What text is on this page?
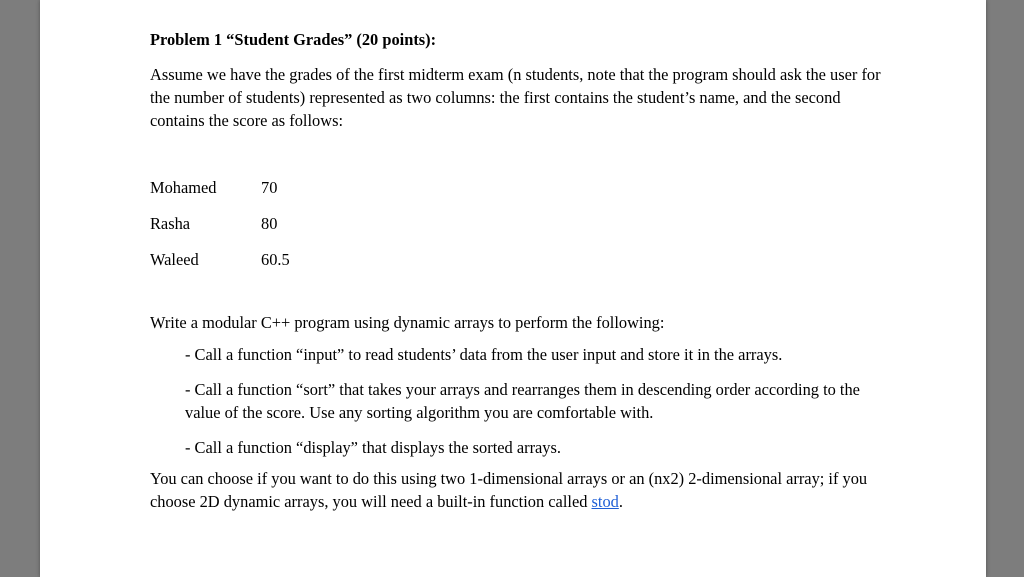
Problem 1 “Student Grades” (20 points):

Assume we have the grades of the first midterm exam (n students, note that the program should ask the user for the number of students) represented as two columns: the first contains the student’s name, and the second contains the score as follows:

Mohamed	70
Rasha	80
Waleed	60.5

Write a modular C++ program using dynamic arrays to perform the following:

- Call a function “input” to read students’ data from the user input and store it in the arrays.
- Call a function “sort” that takes your arrays and rearranges them in descending order according to the value of the score. Use any sorting algorithm you are comfortable with.
- Call a function “display” that displays the sorted arrays.

You can choose if you want to do this using two 1-dimensional arrays or an (nx2) 2-dimensional array; if you choose 2D dynamic arrays, you will need a built-in function called stod.
